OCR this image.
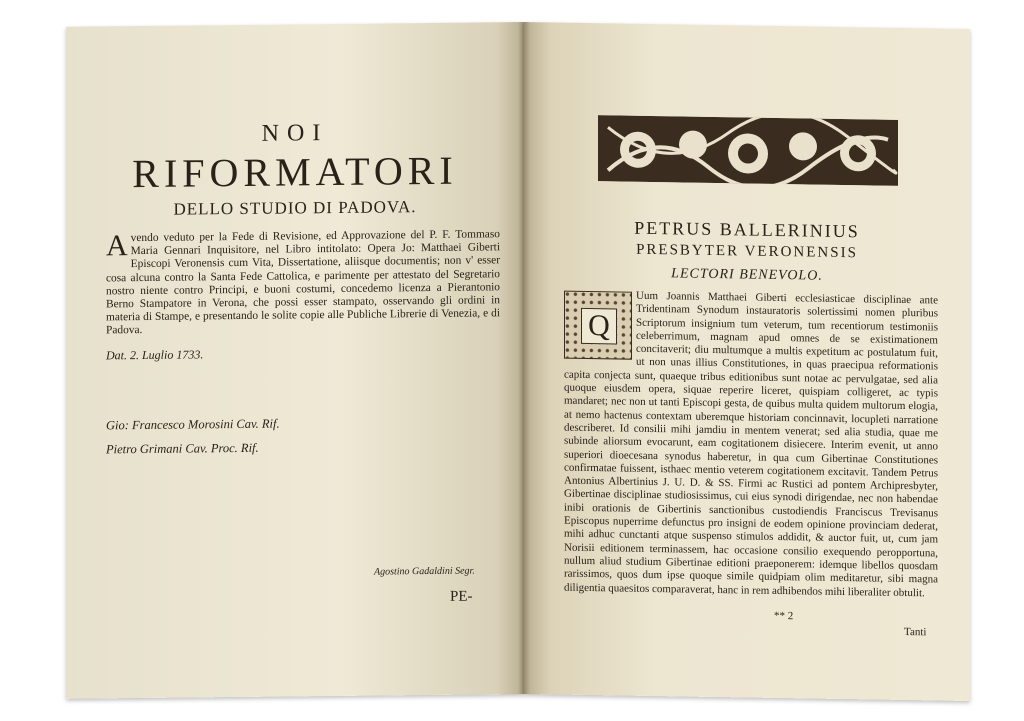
NOI
RIFORMATORI
DELLO STUDIO DI PADOVA.
A vendo veduto per la Fede di Revisione, ed Approvazione del P. F. Tommaso Maria Gennari Inquisitore, nel Libro intitolato: Opera Jo: Matthaei Giberti Episcopi Veronensis cum Vita, Dissertationе, aliisque documentis; non v' esser cosa alcuna contro la Santa Fede Cattolica, e parimente per attestato del Segretario nostro niente contro Principi, e buoni costumi, concedemo licenza a Pierantonio Berno Stampatore in Verona, che possi esser stampato, osservando gli ordini in materia di Stampe, e presentando le solite copie alle Publiche Librerie di Venezia, e di Padova.
Dat. 2. Luglio 1733.
Gio: Francesco Morosini Cav. Rif.
Pietro Grimani Cav. Proc. Rif.
Agostino Gadaldini Segr.
PE-
PETRUS BALLERINIUS
PRESBYTER VERONENSIS
LECTORI BENEVOLO.
Q
Uum Joannis Matthaei Giberti ecclesiasticae disciplinae ante Tridentinam Synodum instauratoris solertissimi nomen pluribus Scriptorum insignium tum veterum, tum recentiorum testimoniis celeberrimum, magnam apud omnes de se existimationem concitaverit; diu multumque a multis expetitum ac postulatum fuit, ut non unas illius Constitutiones, in quas praecipua reformationis capita conjecta sunt, quaeque tribus editionibus sunt notae ac pervulgatae, sed alia quoque eiusdem opera, siquae reperire liceret, quispiam colligeret, ac typis mandaret; nec non ut tanti Episcopi gesta, de quibus multa quidem multorum elogia, at nemo hactenus contextam uberemque historiam concinnavit, locupleti narratione describeret. Id consilii mihi jamdiu in mentem venerat; sed alia studia, quae me subinde aliorsum evocarunt, eam cogitationem disiecere. Interim evenit, ut anno superiori dioecesana synodus haberetur, in qua cum Gibertinae Constitutiones confirmatae fuissent, isthaec mentio veterem cogitationem excitavit. Tandem Petrus Antonius Albertinius J. U. D. & SS. Firmi ac Rustici ad pontem Archipresbyter, Gibertinae disciplinae studiosissimus, cui eius synodi dirigendae, nec non habendae inibi orationis de Gibertinis sanctionibus custodiendis Franciscus Trevisanus Episcopus nuperrime defunctus pro insigni de eodem opinione provinciam dederat, mihi adhuc cunctanti atque suspenso stimulos addidit, & auctor fuit, ut, cum jam Norisii editionem terminassem, hac occasione consilio exequendo peropportuna, nullum aliud studium Gibertinae editioni praeponerem: idemque libellos quosdam rarissimos, quos dum ipse quoque simile quidpiam olim meditaretur, sibi magna diligentia quaesitos comparaverat, hanc in rem adhibendos mihi liberaliter obtulit.
** 2
Tanti
